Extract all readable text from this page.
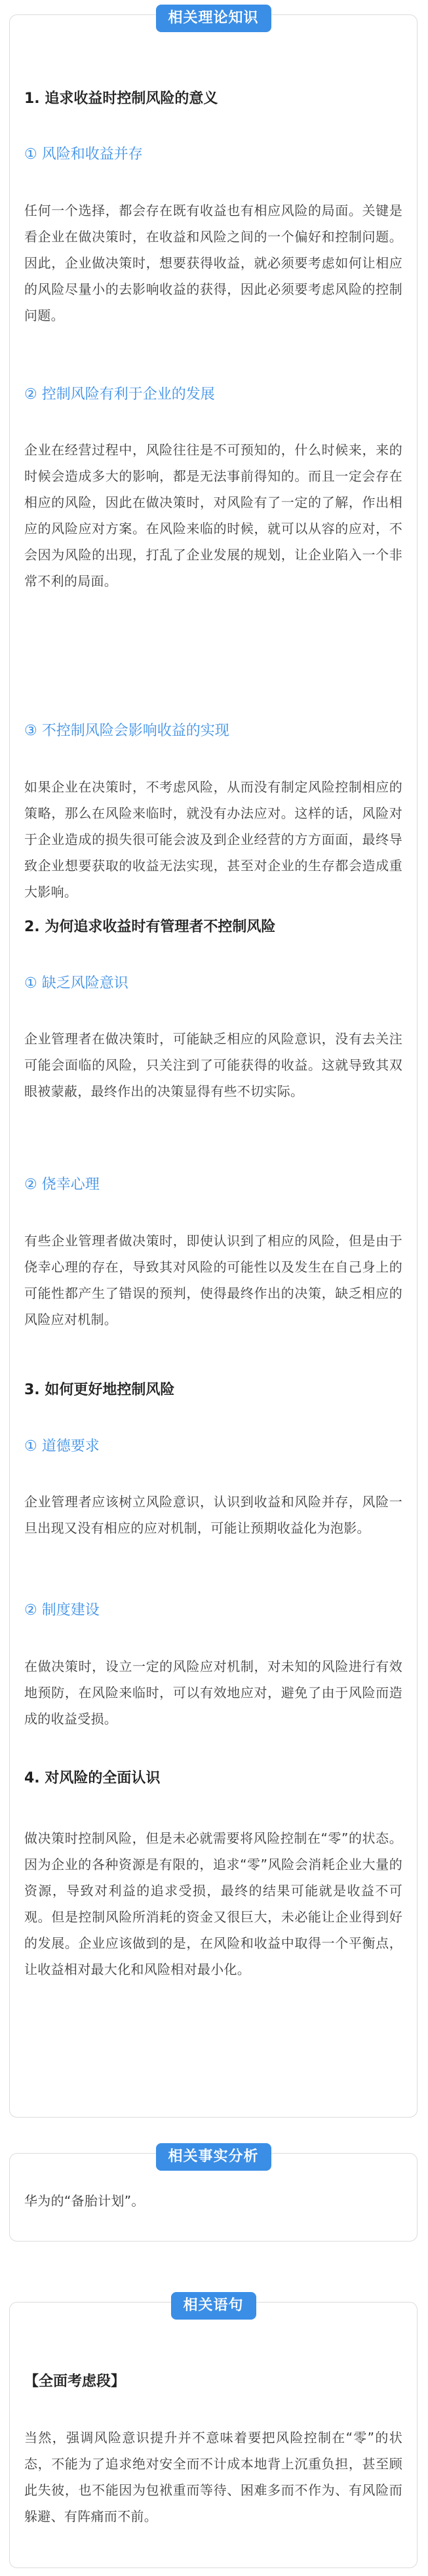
相关理论知识

1. 追求收益时控制风险的意义

① 风险和收益并存

任何一个选择，都会存在既有收益也有相应风险的局面。关键是看企业在做决策时，在收益和风险之间的一个偏好和控制问题。因此，企业做决策时，想要获得收益，就必须要考虑如何让相应的风险尽量小的去影响收益的获得，因此必须要考虑风险的控制问题。

② 控制风险有利于企业的发展

企业在经营过程中，风险往往是不可预知的，什么时候来，来的时候会造成多大的影响，都是无法事前得知的。而且一定会存在相应的风险，因此在做决策时，对风险有了一定的了解，作出相应的风险应对方案。在风险来临的时候，就可以从容的应对，不会因为风险的出现，打乱了企业发展的规划，让企业陷入一个非常不利的局面。

③ 不控制风险会影响收益的实现

如果企业在决策时，不考虑风险，从而没有制定风险控制相应的策略，那么在风险来临时，就没有办法应对。这样的话，风险对于企业造成的损失很可能会波及到企业经营的方方面面，最终导致企业想要获取的收益无法实现，甚至对企业的生存都会造成重大影响。

2. 为何追求收益时有管理者不控制风险

① 缺乏风险意识

企业管理者在做决策时，可能缺乏相应的风险意识，没有去关注可能会面临的风险，只关注到了可能获得的收益。这就导致其双眼被蒙蔽，最终作出的决策显得有些不切实际。

② 侥幸心理

有些企业管理者做决策时，即使认识到了相应的风险，但是由于侥幸心理的存在，导致其对风险的可能性以及发生在自己身上的可能性都产生了错误的预判，使得最终作出的决策，缺乏相应的风险应对机制。

3. 如何更好地控制风险

① 道德要求

企业管理者应该树立风险意识，认识到收益和风险并存，风险一旦出现又没有相应的应对机制，可能让预期收益化为泡影。

② 制度建设

在做决策时，设立一定的风险应对机制，对未知的风险进行有效地预防，在风险来临时，可以有效地应对，避免了由于风险而造成的收益受损。

4. 对风险的全面认识

做决策时控制风险，但是未必就需要将风险控制在“零”的状态。因为企业的各种资源是有限的，追求“零”风险会消耗企业大量的资源，导致对利益的追求受损，最终的结果可能就是收益不可观。但是控制风险所消耗的资金又很巨大，未必能让企业得到好的发展。企业应该做到的是，在风险和收益中取得一个平衡点，让收益相对最大化和风险相对最小化。

相关事实分析

华为的“备胎计划”。

相关语句

【全面考虑段】

当然，强调风险意识提升并不意味着要把风险控制在“零”的状态，不能为了追求绝对安全而不计成本地背上沉重负担，甚至顾此失彼，也不能因为包袱重而等待、困难多而不作为、有风险而躲避、有阵痛而不前。
